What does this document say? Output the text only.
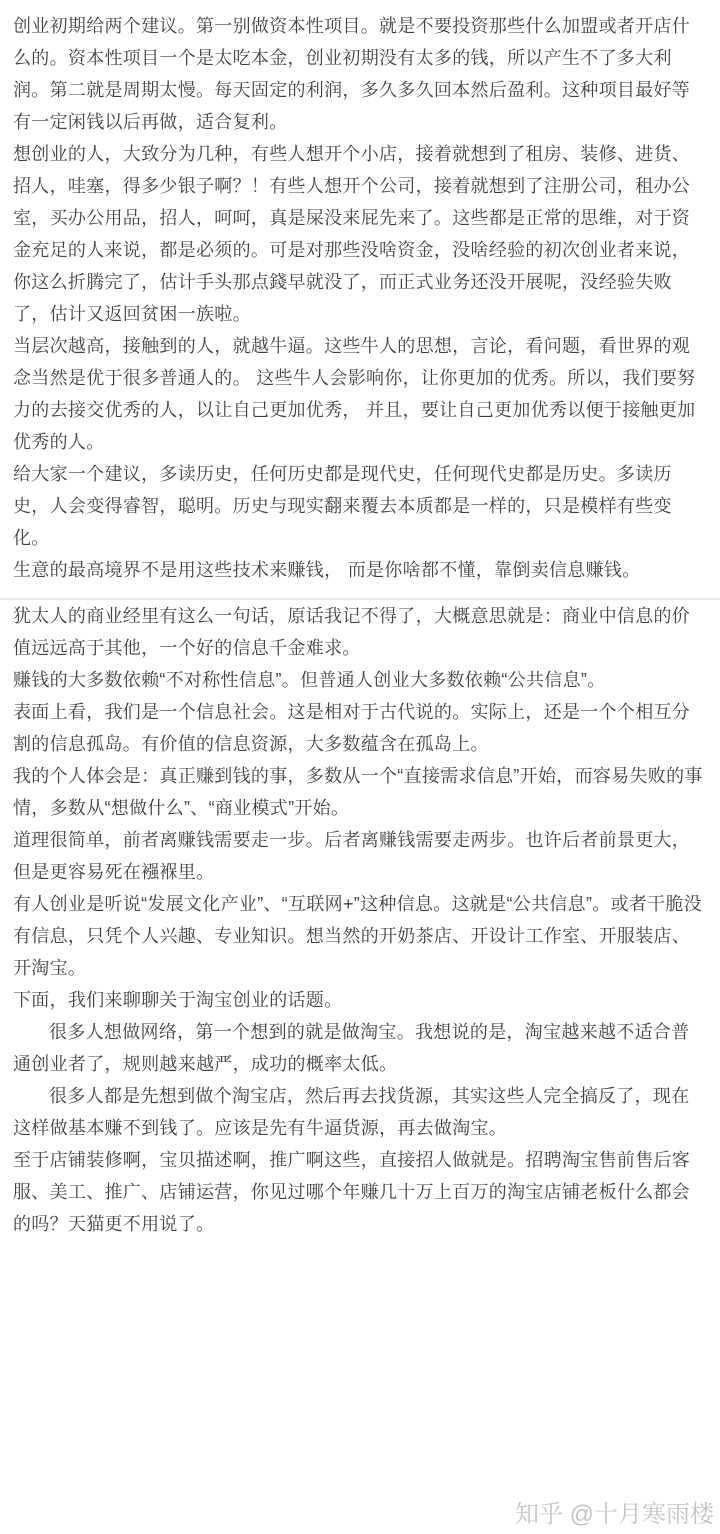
创业初期给两个建议。第一别做资本性项目。就是不要投资那些什么加盟或者开店什么的。资本性项目一个是太吃本金，创业初期没有太多的钱，所以产生不了多大利润。第二就是周期太慢。每天固定的利润，多久多久回本然后盈利。这种项目最好等有一定闲钱以后再做，适合复利。

想创业的人，大致分为几种，有些人想开个小店，接着就想到了租房、装修、进货、招人，哇塞，得多少银子啊？！有些人想开个公司，接着就想到了注册公司，租办公室，买办公用品，招人，呵呵，真是屎没来屁先来了。这些都是正常的思维，对于资金充足的人来说，都是必须的。可是对那些没啥资金，没啥经验的初次创业者来说，你这么折腾完了，估计手头那点錢早就没了，而正式业务还没开展呢，没经验失败了，估计又返回贫困一族啦。

当层次越高，接触到的人，就越牛逼。这些牛人的思想，言论，看问题，看世界的观念当然是优于很多普通人的。 这些牛人会影响你，让你更加的优秀。所以，我们要努力的去接交优秀的人，以让自己更加优秀， 并且，要让自己更加优秀以便于接触更加优秀的人。

给大家一个建议，多读历史，任何历史都是现代史，任何现代史都是历史。多读历史，人会变得睿智，聪明。历史与现实翻来覆去本质都是一样的，只是模样有些变化。

生意的最高境界不是用这些技术来赚钱， 而是你啥都不懂，靠倒卖信息赚钱。

犹太人的商业经里有这么一句话，原话我记不得了，大概意思就是：商业中信息的价值远远高于其他，一个好的信息千金难求。

赚钱的大多数依赖“不对称性信息”。但普通人创业大多数依赖“公共信息”。

表面上看，我们是一个信息社会。这是相对于古代说的。实际上，还是一个个相互分割的信息孤岛。有价值的信息资源，大多数蕴含在孤岛上。

我的个人体会是：真正赚到钱的事，多数从一个“直接需求信息”开始，而容易失败的事情，多数从“想做什么”、“商业模式”开始。

道理很简单，前者离赚钱需要走一步。后者离赚钱需要走两步。也许后者前景更大，但是更容易死在襁褓里。

有人创业是听说“发展文化产业”、“互联网+”这种信息。这就是“公共信息”。或者干脆没有信息，只凭个人兴趣、专业知识。想当然的开奶茶店、开设计工作室、开服装店、开淘宝。

下面，我们来聊聊关于淘宝创业的话题。

很多人想做网络，第一个想到的就是做淘宝。我想说的是，淘宝越来越不适合普通创业者了，规则越来越严，成功的概率太低。

很多人都是先想到做个淘宝店，然后再去找货源，其实这些人完全搞反了，现在这样做基本赚不到钱了。应该是先有牛逼货源，再去做淘宝。

至于店铺装修啊，宝贝描述啊，推广啊这些，直接招人做就是。招聘淘宝售前售后客服、美工、推广、店铺运营，你见过哪个年赚几十万上百万的淘宝店铺老板什么都会的吗？天猫更不用说了。

知乎 @十月寒雨楼
